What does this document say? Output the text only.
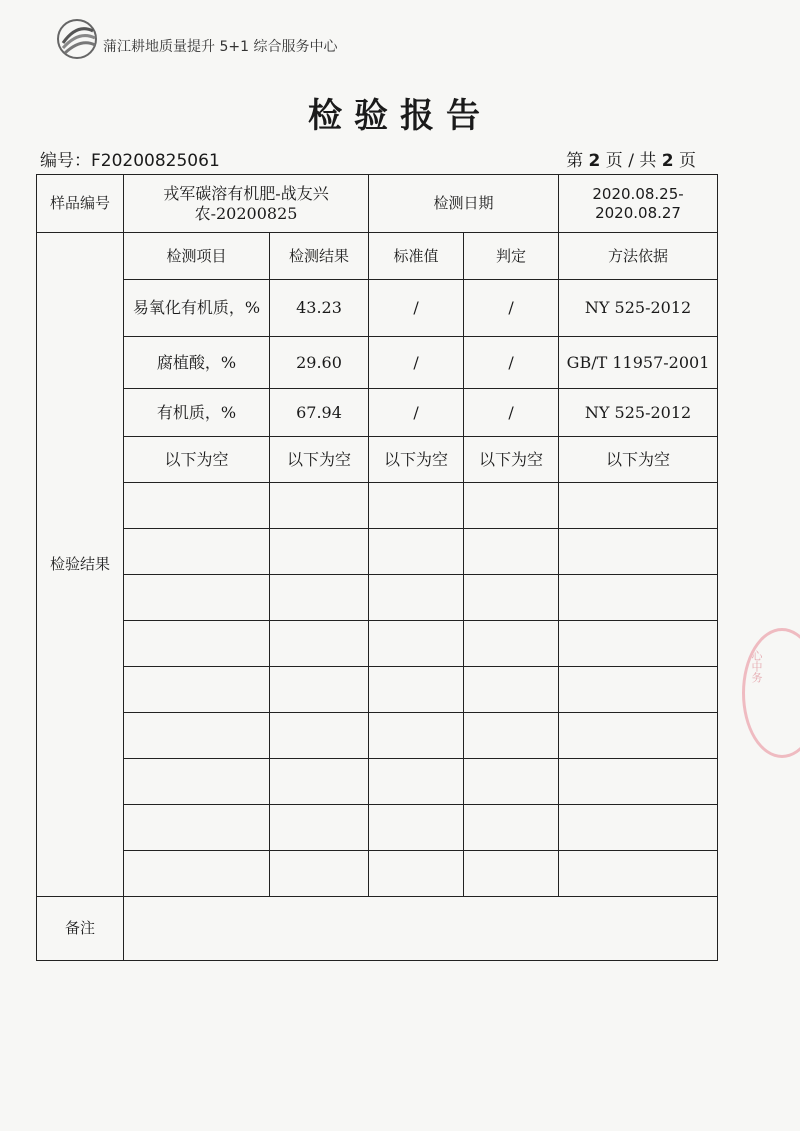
蒲江耕地质量提升 5+1 综合服务中心
检验报告
编号：F20200825061	第 2 页 / 共 2 页
样品编号	戎军碳溶有机肥-战友兴农-20200825		检测日期		2020.08.25-2020.08.27
检验结果	检测项目	检测结果	标准值	判定	方法依据
	易氧化有机质，%	43.23	/	/	NY 525-2012
	腐植酸，%	29.60	/	/	GB/T 11957-2001
	有机质，%	67.94	/	/	NY 525-2012
	以下为空	以下为空	以下为空	以下为空	以下为空

备注					
心中务
